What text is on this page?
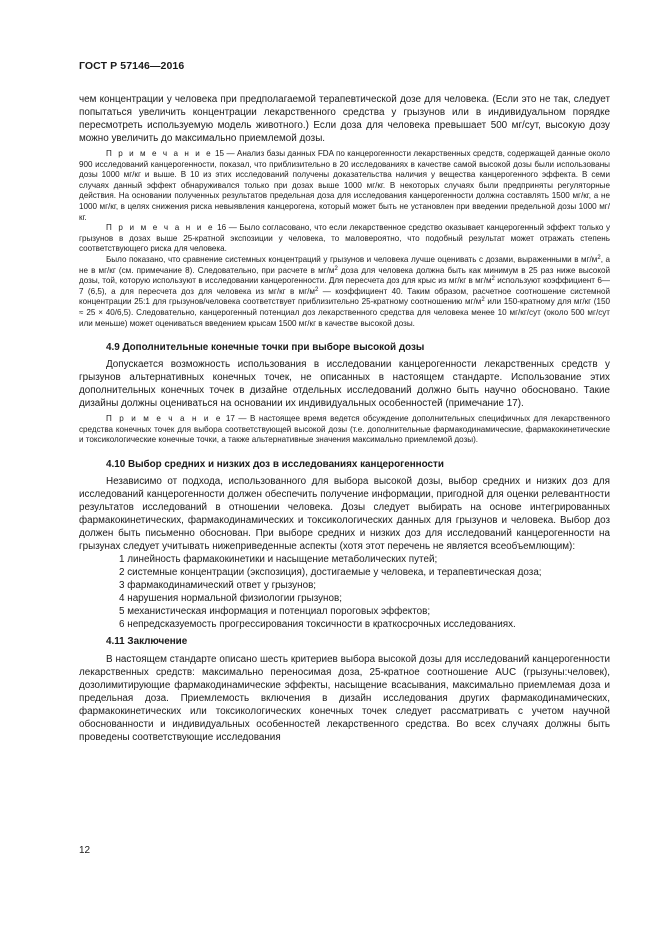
ГОСТ Р 57146—2016

чем концентрации у человека при предполагаемой терапевтической дозе для человека. (Если это не так, следует попытаться увеличить концентрации лекарственного средства у грызунов или в индивидуальном порядке пересмотреть используемую модель животного.) Если доза для человека превышает 500 мг/сут, высокую дозу можно увеличить до максимально приемлемой дозы.

П р и м е ч а н и е 15 — Анализ базы данных FDA по канцерогенности лекарственных средств, содержащей данные около 900 исследований канцерогенности, показал, что приблизительно в 20 исследованиях в качестве самой высокой дозы были использованы дозы 1000 мг/кг и выше. В 10 из этих исследований получены доказательства наличия у вещества канцерогенного эффекта. В семи случаях данный эффект обнаруживался только при дозах выше 1000 мг/кг. В некоторых случаях были предприняты регуляторные действия. На основании полученных результатов предельная доза для исследования канцерогенности должна составлять 1500 мг/кг, а не 1000 мг/кг, в целях снижения риска невыявления канцерогена, который может быть не установлен при введении предельной дозы 1000 мг/кг.

П р и м е ч а н и е 16 — Было согласовано, что если лекарственное средство оказывает канцерогенный эффект только у грызунов в дозах выше 25-кратной экспозиции у человека, то маловероятно, что подобный результат может отражать степень соответствующего риска для человека.

Было показано, что сравнение системных концентраций у грызунов и человека лучше оценивать с дозами, выраженными в $мг/м^2$, а не в мг/кг (см. примечание 8). Следовательно, при расчете в $мг/м^2$ доза для человека должна быть как минимум в 25 раз ниже высокой дозы, той, которую используют в исследовании канцерогенности. Для пересчета доз для крыс из мг/кг в $мг/м^2$ используют коэффициент 6—7 (6,5), а для пересчета доз для человека из мг/кг в $мг/м^2$ — коэффициент 40. Таким образом, расчетное соотношение системной концентрации 25:1 для грызунов/человека соответствует приблизительно 25-кратному соотношению $мг/м^2$ или 150-кратному для мг/кг (150 ≈ 25 × 40/6,5). Следовательно, канцерогенный потенциал доз лекарственного средства для человека менее 10 мг/кг/сут (около 500 мг/сут или меньше) может оцениваться введением крысам 1500 мг/кг в качестве высокой дозы.

4.9 Дополнительные конечные точки при выборе высокой дозы

Допускается возможность использования в исследовании канцерогенности лекарственных средств у грызунов альтернативных конечных точек, не описанных в настоящем стандарте. Использование этих дополнительных конечных точек в дизайне отдельных исследований должно быть научно обосновано. Такие дизайны должны оцениваться на основании их индивидуальных особенностей (примечание 17).

П р и м е ч а н и е 17 — В настоящее время ведется обсуждение дополнительных специфичных для лекарственного средства конечных точек для выбора соответствующей высокой дозы (т.е. дополнительные фармакодинамические, фармакокинетические и токсикологические конечные точки, а также альтернативные значения максимально приемлемой дозы).

4.10 Выбор средних и низких доз в исследованиях канцерогенности

Независимо от подхода, использованного для выбора высокой дозы, выбор средних и низких доз для исследований канцерогенности должен обеспечить получение информации, пригодной для оценки релевантности результатов исследований в отношении человека. Дозы следует выбирать на основе интегрированных фармакокинетических, фармакодинамических и токсикологических данных для грызунов и человека. Выбор доз должен быть письменно обоснован. При выборе средних и низких доз для исследований канцерогенности на грызунах следует учитывать нижеприведенные аспекты (хотя этот перечень не является всеобъемлющим):

1 линейность фармакокинетики и насыщение метаболических путей;
2 системные концентрации (экспозиция), достигаемые у человека, и терапевтическая доза;
3 фармакодинамический ответ у грызунов;
4 нарушения нормальной физиологии грызунов;
5 механистическая информация и потенциал пороговых эффектов;
6 непредсказуемость прогрессирования токсичности в краткосрочных исследованиях.
4.11 Заключение

В настоящем стандарте описано шесть критериев выбора высокой дозы для исследований канцерогенности лекарственных средств: максимально переносимая доза, 25-кратное соотношение AUC (грызуны:человек), дозолимитирующие фармакодинамические эффекты, насыщение всасывания, максимально приемлемая доза и предельная доза. Приемлемость включения в дизайн исследования других фармакодинамических, фармакокинетических или токсикологических конечных точек следует рассматривать с учетом научной обоснованности и индивидуальных особенностей лекарственного средства. Во всех случаях должны быть проведены соответствующие исследования

12
